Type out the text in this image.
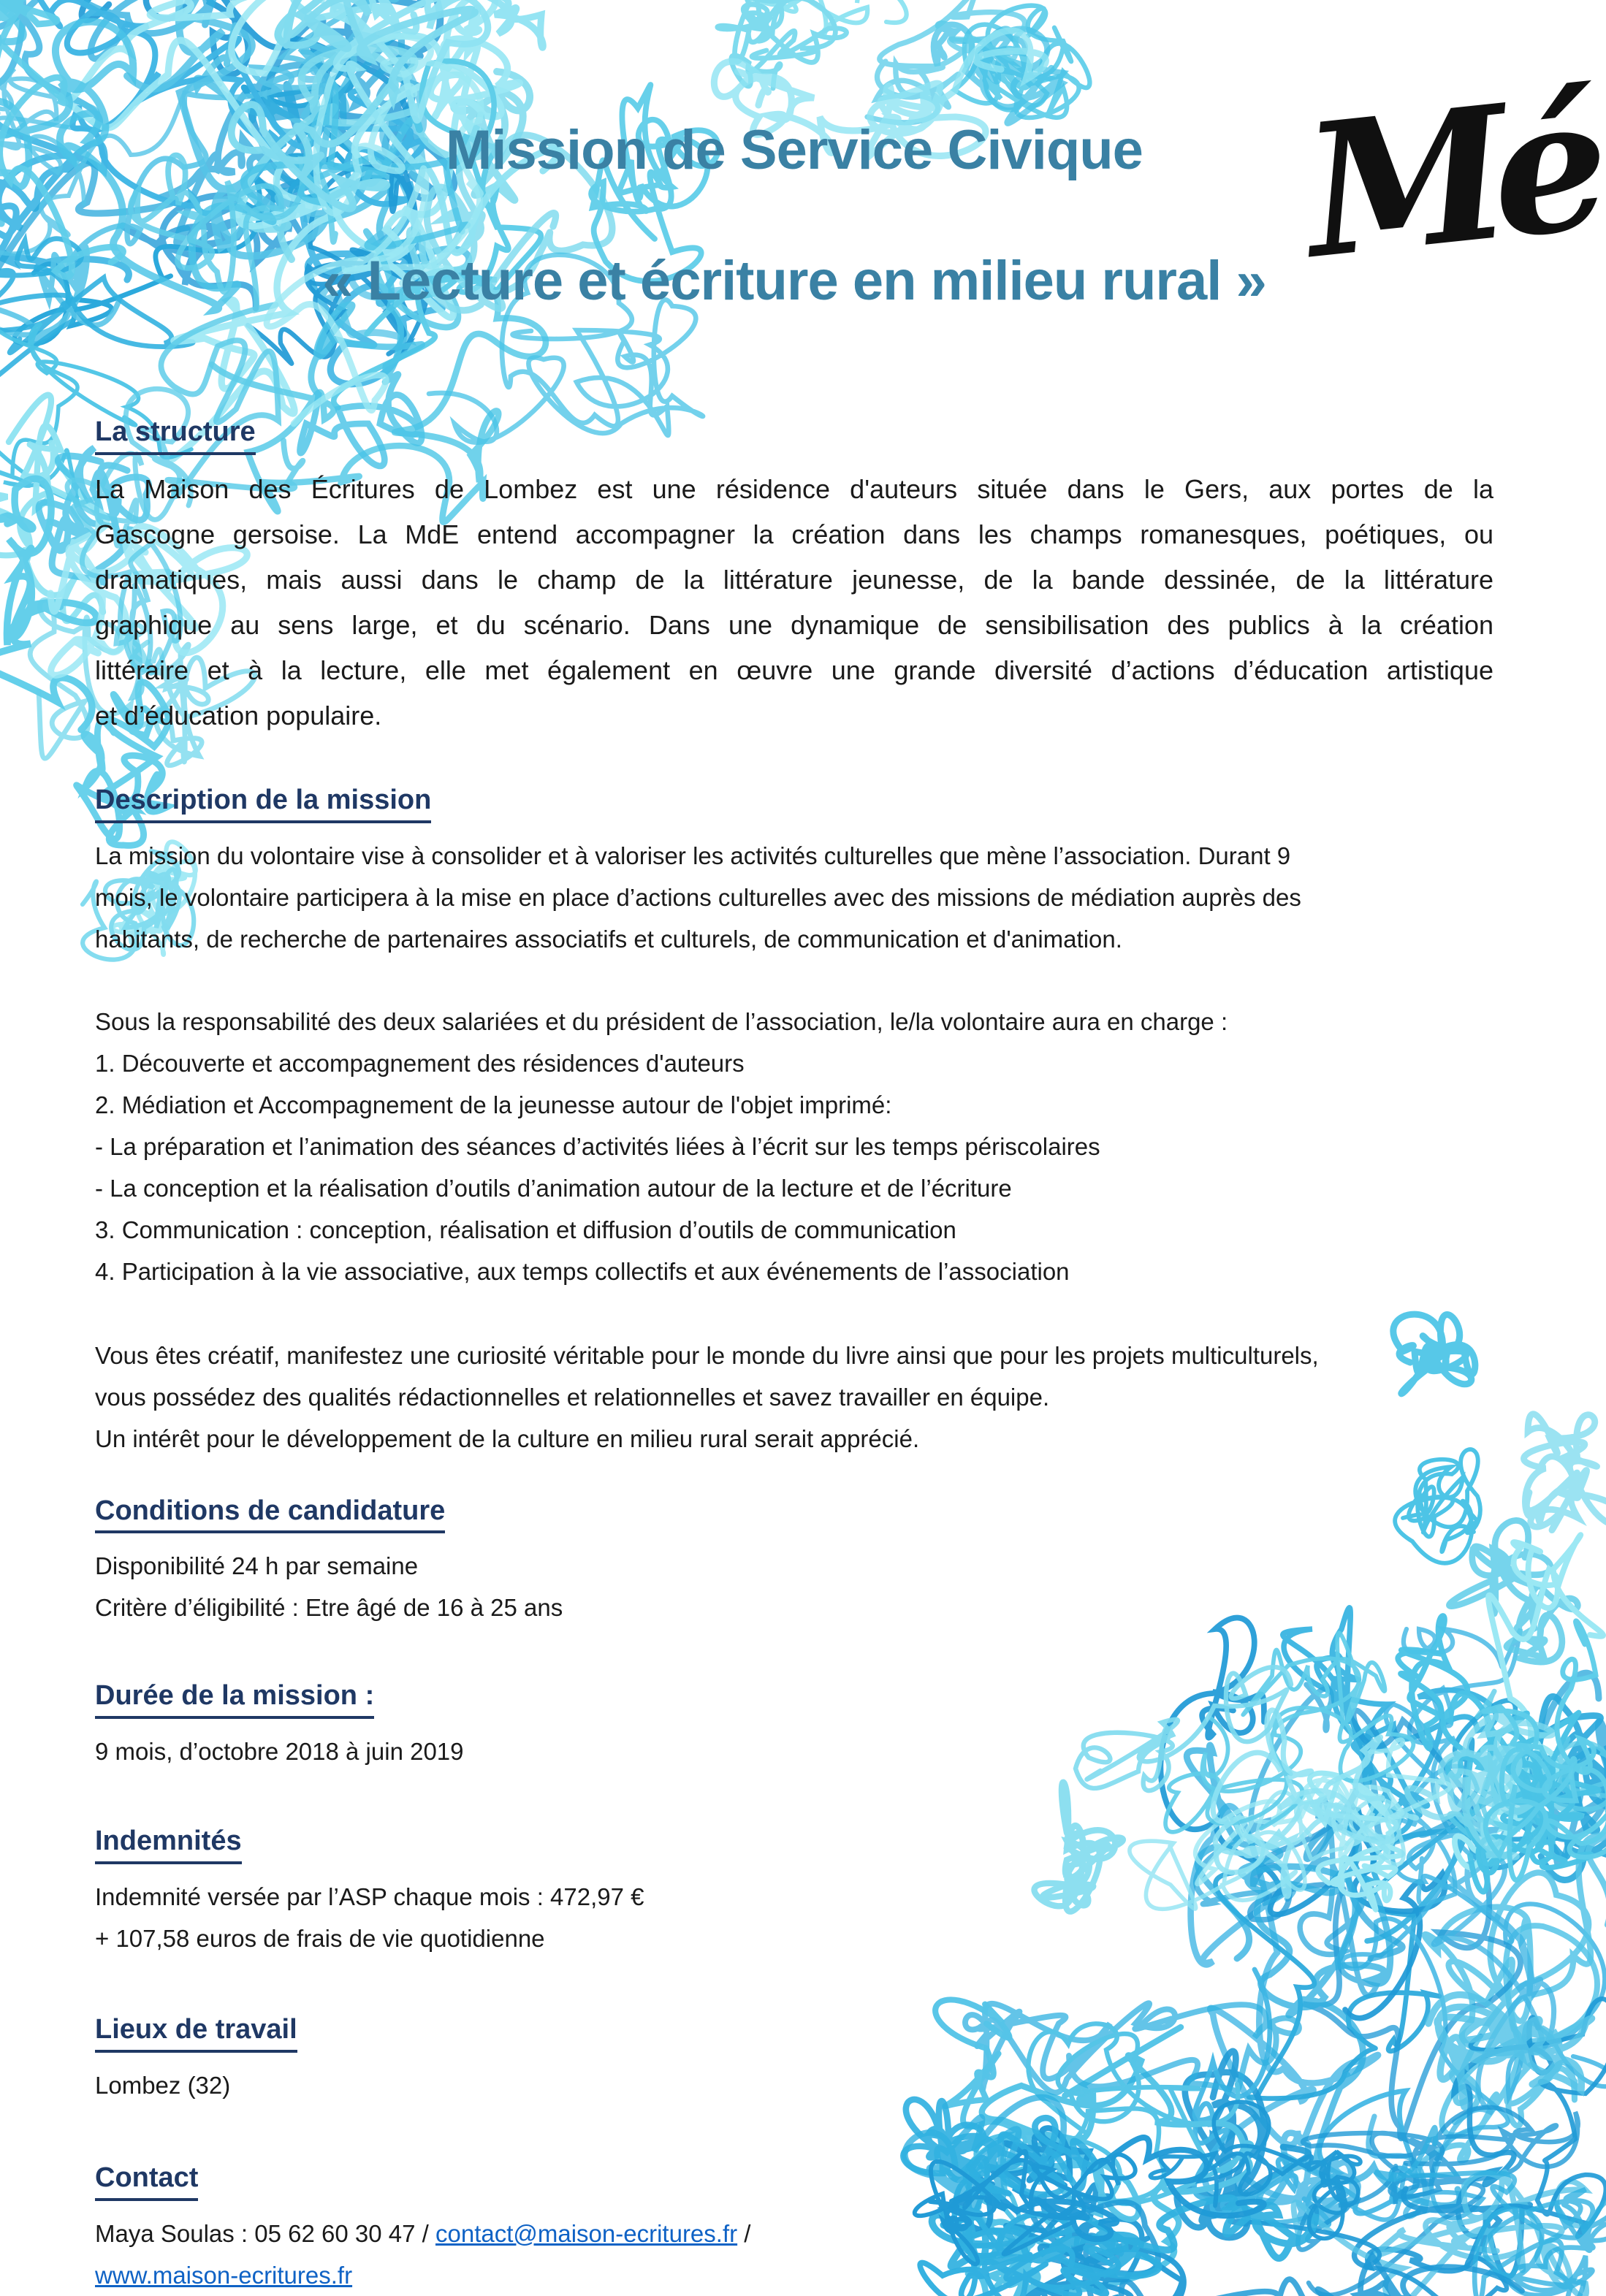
Mé
Mission de Service Civique
« Lecture et écriture en milieu rural »
La structure
La Maison des Écritures de Lombez est une résidence d'auteurs située dans le Gers, aux portes de la
Gascogne gersoise. La MdE entend accompagner la création dans les champs romanesques, poétiques, ou
dramatiques, mais aussi dans le champ de la littérature jeunesse, de la bande dessinée, de la littérature
graphique au sens large, et du scénario. Dans une dynamique de sensibilisation des publics à la création
littéraire et à la lecture, elle met également en œuvre une grande diversité d’actions d’éducation artistique
et d’éducation populaire.
Description de la mission
La mission du volontaire vise à consolider et à valoriser les activités culturelles que mène l’association. Durant 9
mois, le volontaire participera à la mise en place d’actions culturelles avec des missions de médiation auprès des
habitants, de recherche de partenaires associatifs et culturels, de communication et d'animation.
Sous la responsabilité des deux salariées et du président de l’association, le/la volontaire aura en charge :
1. Découverte et accompagnement des résidences d'auteurs
2. Médiation et Accompagnement de la jeunesse autour de l'objet imprimé:
- La préparation et l’animation des séances d’activités liées à l’écrit sur les temps périscolaires
- La conception et la réalisation d’outils d’animation autour de la lecture et de l’écriture
3. Communication : conception, réalisation et diffusion d’outils de communication
4. Participation à la vie associative, aux temps collectifs et aux événements de l’association
Vous êtes créatif, manifestez une curiosité véritable pour le monde du livre ainsi que pour les projets multiculturels,
vous possédez des qualités rédactionnelles et relationnelles et savez travailler en équipe.
Un intérêt pour le développement de la culture en milieu rural serait apprécié.
Conditions de candidature
Disponibilité 24 h par semaine
Critère d’éligibilité : Etre âgé de 16 à 25 ans
Durée de la mission :
9 mois, d’octobre 2018 à juin 2019
Indemnités
Indemnité versée par l’ASP chaque mois : 472,97 €
+ 107,58 euros de frais de vie quotidienne
Lieux de travail
Lombez (32)
Contact
Maya Soulas : 05 62 60 30 47 / contact@maison-ecritures.fr /
www.maison-ecritures.fr
